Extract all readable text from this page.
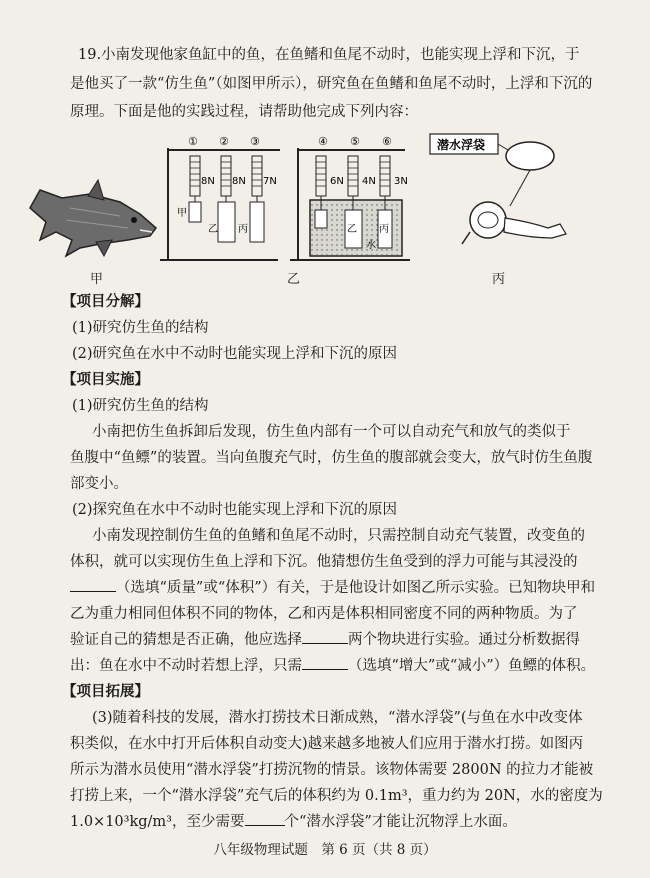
19.小南发现他家鱼缸中的鱼，在鱼鳍和鱼尾不动时，也能实现上浮和下沉，于
是他买了一款“仿生鱼”（如图甲所示），研究鱼在鱼鳍和鱼尾不动时，上浮和下沉的
原理。下面是他的实践过程，请帮助他完成下列内容：
① ② ③
8N 8N 7N
甲
乙 丙
④ ⑤ ⑥
6N 4N 3N
乙 丙
水
潜水浮袋
甲	乙	丙
【项目分解】
(1)研究仿生鱼的结构
(2)研究鱼在水中不动时也能实现上浮和下沉的原因
【项目实施】
(1)研究仿生鱼的结构
小南把仿生鱼拆卸后发现，仿生鱼内部有一个可以自动充气和放气的类似于
鱼腹中“鱼鳔”的装置。当向鱼腹充气时，仿生鱼的腹部就会变大，放气时仿生鱼腹
部变小。
(2)探究鱼在水中不动时也能实现上浮和下沉的原因
小南发现控制仿生鱼的鱼鳍和鱼尾不动时，只需控制自动充气装置，改变鱼的
体积，就可以实现仿生鱼上浮和下沉。他猜想仿生鱼受到的浮力可能与其浸没的
（选填“质量”或“体积”）有关，于是他设计如图乙所示实验。已知物块甲和
乙为重力相同但体积不同的物体，乙和丙是体积相同密度不同的两种物质。为了
验证自己的猜想是否正确，他应选择	两个物块进行实验。通过分析数据得
出：鱼在水中不动时若想上浮，只需	（选填“增大”或“减小”）鱼鳔的体积。
【项目拓展】
(3)随着科技的发展，潜水打捞技术日渐成熟，“潜水浮袋”(与鱼在水中改变体
积类似，在水中打开后体积自动变大)越来越多地被人们应用于潜水打捞。如图丙
所示为潜水员使用“潜水浮袋”打捞沉物的情景。该物体需要 2800N 的拉力才能被
打捞上来，一个“潜水浮袋”充气后的体积约为 0.1m³，重力约为 20N，水的密度为
1.0×10³kg/m³，至少需要	个“潜水浮袋”才能让沉物浮上水面。
八年级物理试题　第 6 页（共 8 页）
